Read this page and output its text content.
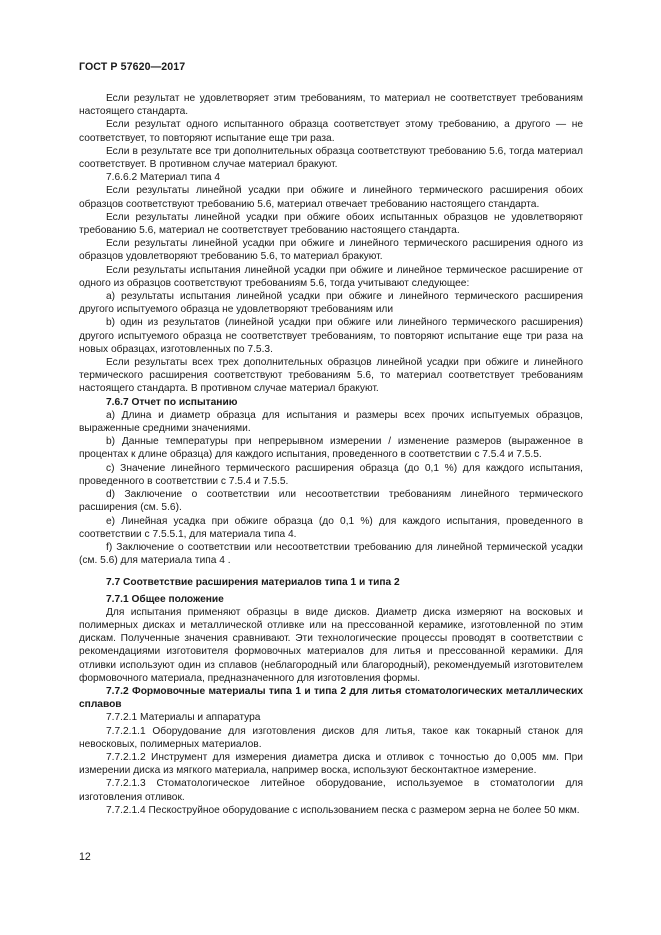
ГОСТ Р 57620—2017

Если результат не удовлетворяет этим требованиям, то материал не соответствует требованиям настоящего стандарта.

Если результат одного испытанного образца соответствует этому требованию, а другого — не соответствует, то повторяют испытание еще три раза.

Если в результате все три дополнительных образца соответствуют требованию 5.6, тогда материал соответствует. В противном случае материал бракуют.

7.6.6.2 Материал типа 4

Если результаты линейной усадки при обжиге и линейного термического расширения обоих образцов соответствуют требованию 5.6, материал отвечает требованию настоящего стандарта.

Если результаты линейной усадки при обжиге обоих испытанных образцов не удовлетворяют требованию 5.6, материал не соответствует требованию настоящего стандарта.

Если результаты линейной усадки при обжиге и линейного термического расширения одного из образцов удовлетворяют требованию 5.6, то материал бракуют.

Если результаты испытания линейной усадки при обжиге и линейное термическое расширение от одного из образцов соответствуют требованиям 5.6, тогда учитывают следующее:

а) результаты испытания линейной усадки при обжиге и линейного термического расширения другого испытуемого образца не удовлетворяют требованиям или

b) один из результатов (линейной усадки при обжиге или линейного термического расширения) другого испытуемого образца не соответствует требованиям, то повторяют испытание еще три раза на новых образцах, изготовленных по 7.5.3.

Если результаты всех трех дополнительных образцов линейной усадки при обжиге и линейного термического расширения соответствуют требованиям 5.6, то материал соответствует требованиям настоящего стандарта. В противном случае материал бракуют.

7.6.7 Отчет по испытанию

a) Длина и диаметр образца для испытания и размеры всех прочих испытуемых образцов, выраженные средними значениями.

b) Данные температуры при непрерывном измерении / изменение размеров (выраженное в процентах к длине образца) для каждого испытания, проведенного в соответствии с 7.5.4 и 7.5.5.

c) Значение линейного термического расширения образца (до 0,1 %) для каждого испытания, проведенного в соответствии с 7.5.4 и 7.5.5.

d) Заключение о соответствии или несоответствии требованиям линейного термического расширения (см. 5.6).

e) Линейная усадка при обжиге образца (до 0,1 %) для каждого испытания, проведенного в соответствии с 7.5.5.1, для материала типа 4.

f) Заключение о соответствии или несоответствии требованию для линейной термической усадки (см. 5.6) для материала типа 4 .

7.7 Соответствие расширения материалов типа 1 и типа 2

7.7.1 Общее положение

Для испытания применяют образцы в виде дисков. Диаметр диска измеряют на восковых и полимерных дисках и металлической отливке или на прессованной керамике, изготовленной по этим дискам. Полученные значения сравнивают. Эти технологические процессы проводят в соответствии с рекомендациями изготовителя формовочных материалов для литья и прессованной керамики. Для отливки используют один из сплавов (неблагородный или благородный), рекомендуемый изготовителем формовочного материала, предназначенного для изготовления формы.

7.7.2 Формовочные материалы типа 1 и типа 2 для литья стоматологических металлических сплавов

7.7.2.1 Материалы и аппаратура

7.7.2.1.1 Оборудование для изготовления дисков для литья, такое как токарный станок для невосковых, полимерных материалов.

7.7.2.1.2 Инструмент для измерения диаметра диска и отливок с точностью до 0,005 мм. При измерении диска из мягкого материала, например воска, используют бесконтактное измерение.

7.7.2.1.3 Стоматологическое литейное оборудование, используемое в стоматологии для изготовления отливок.

7.7.2.1.4 Пескоструйное оборудование с использованием песка с размером зерна не более 50 мкм.

12
